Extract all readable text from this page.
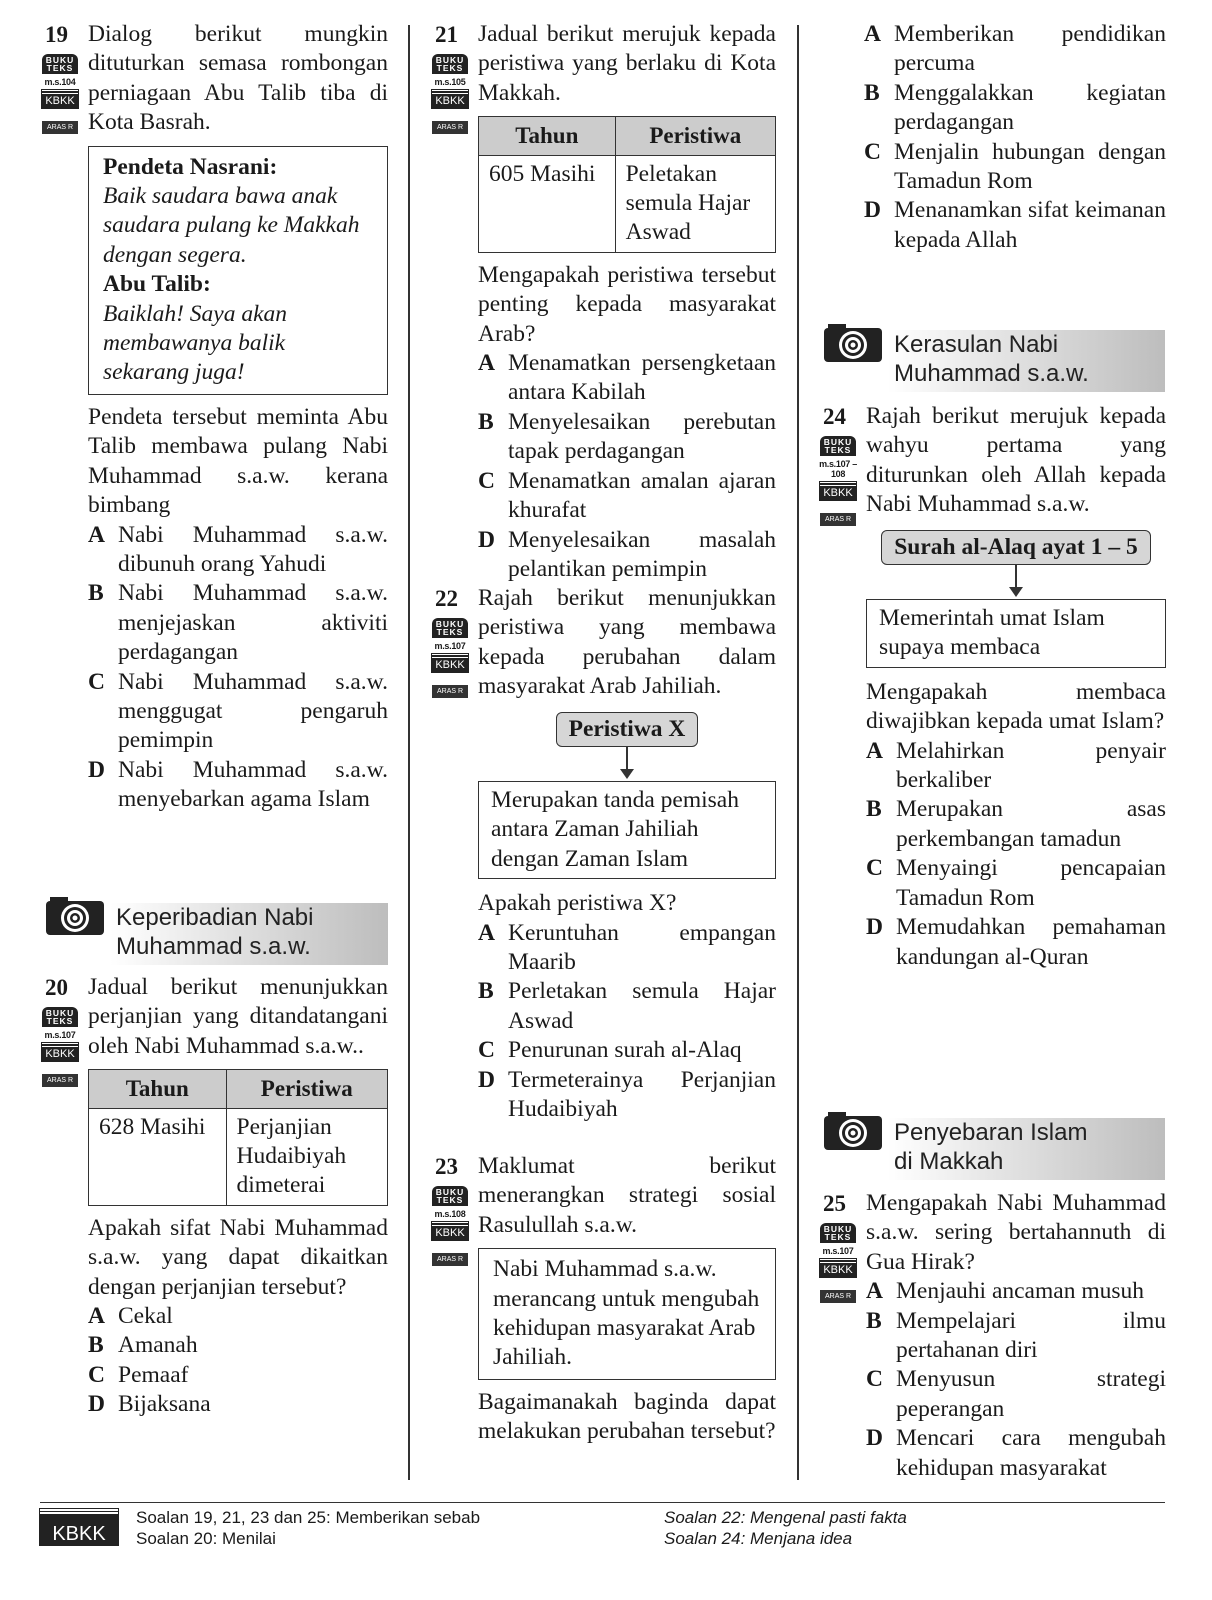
19
BUKU TEKS
m.s.104
KBKK
ARAS R

Dialog berikut mungkin dituturkan semasa rombongan perniagaan Abu Talib tiba di Kota Basrah.

Pendeta Nasrani:
Baik saudara bawa anak saudara pulang ke Makkah dengan segera.
Abu Talib:
Baiklah! Saya akan membawanya balik sekarang juga!

Pendeta tersebut meminta Abu Talib membawa pulang Nabi Muhammad s.a.w. kerana bimbang

A Nabi Muhammad s.a.w. dibunuh orang Yahudi
B Nabi Muhammad s.a.w. menjejaskan aktiviti perdagangan
C Nabi Muhammad s.a.w. menggugat pengaruh pemimpin
D Nabi Muhammad s.a.w. menyebarkan agama Islam
Keperibadian Nabi
Muhammad s.a.w.
20
BUKU TEKS
m.s.107
KBKK
ARAS R

Jadual berikut menunjukkan perjanjian yang ditandatangani oleh Nabi Muhammad s.a.w..

Tahun	Peristiwa
628 Masihi	Perjanjian Hudaibiyah dimeterai

Apakah sifat Nabi Muhammad s.a.w. yang dapat dikaitkan dengan perjanjian tersebut?

A Cekal
B Amanah
C Pemaaf
D Bijaksana
21
BUKU TEKS
m.s.105
KBKK
ARAS R

Jadual berikut merujuk kepada peristiwa yang berlaku di Kota Makkah.

Tahun	Peristiwa
605 Masihi	Peletakan semula Hajar Aswad

Mengapakah peristiwa tersebut penting kepada masyarakat Arab?

A Menamatkan persengketaan antara Kabilah
B Menyelesaikan perebutan tapak perdagangan
C Menamatkan amalan ajaran khurafat
D Menyelesaikan masalah pelantikan pemimpin
22
BUKU TEKS
m.s.107
KBKK
ARAS R

Rajah berikut menunjukkan peristiwa yang membawa kepada perubahan dalam masyarakat Arab Jahiliah.

Peristiwa X
Merupakan tanda pemisah antara Zaman Jahiliah dengan Zaman Islam

Apakah peristiwa X?

A Keruntuhan empangan Maarib
B Perletakan semula Hajar Aswad
C Penurunan surah al-Alaq
D Termeterainya Perjanjian Hudaibiyah
23
BUKU TEKS
m.s.108
KBKK
ARAS R

Maklumat berikut menerangkan strategi sosial Rasulullah s.a.w.

Nabi Muhammad s.a.w. merancang untuk mengubah kehidupan masyarakat Arab Jahiliah.

Bagaimanakah baginda dapat melakukan perubahan tersebut?

A Memberikan pendidikan percuma
B Menggalakkan kegiatan perdagangan
C Menjalin hubungan dengan Tamadun Rom
D Menanamkan sifat keimanan kepada Allah
Kerasulan Nabi
Muhammad s.a.w.
24
BUKU TEKS
m.s.107 – 108
KBKK
ARAS R

Rajah berikut merujuk kepada wahyu pertama yang diturunkan oleh Allah kepada Nabi Muhammad s.a.w.

Surah al-Alaq ayat 1 – 5
Memerintah umat Islam supaya membaca

Mengapakah membaca diwajibkan kepada umat Islam?

A Melahirkan penyair berkaliber
B Merupakan asas perkembangan tamadun
C Menyaingi pencapaian Tamadun Rom
D Memudahkan pemahaman kandungan al-Quran
Penyebaran Islam
di Makkah
25
BUKU TEKS
m.s.107
KBKK
ARAS R

Mengapakah Nabi Muhammad s.a.w. sering bertahannuth di Gua Hirak?

A Menjauhi ancaman musuh
B Mempelajari ilmu pertahanan diri
C Menyusun strategi peperangan
D Mencari cara mengubah kehidupan masyarakat
KBKK
Soalan 19, 21, 23 dan 25: Memberikan sebab
Soalan 20: Menilai
Soalan 22: Mengenal pasti fakta
Soalan 24: Menjana idea
